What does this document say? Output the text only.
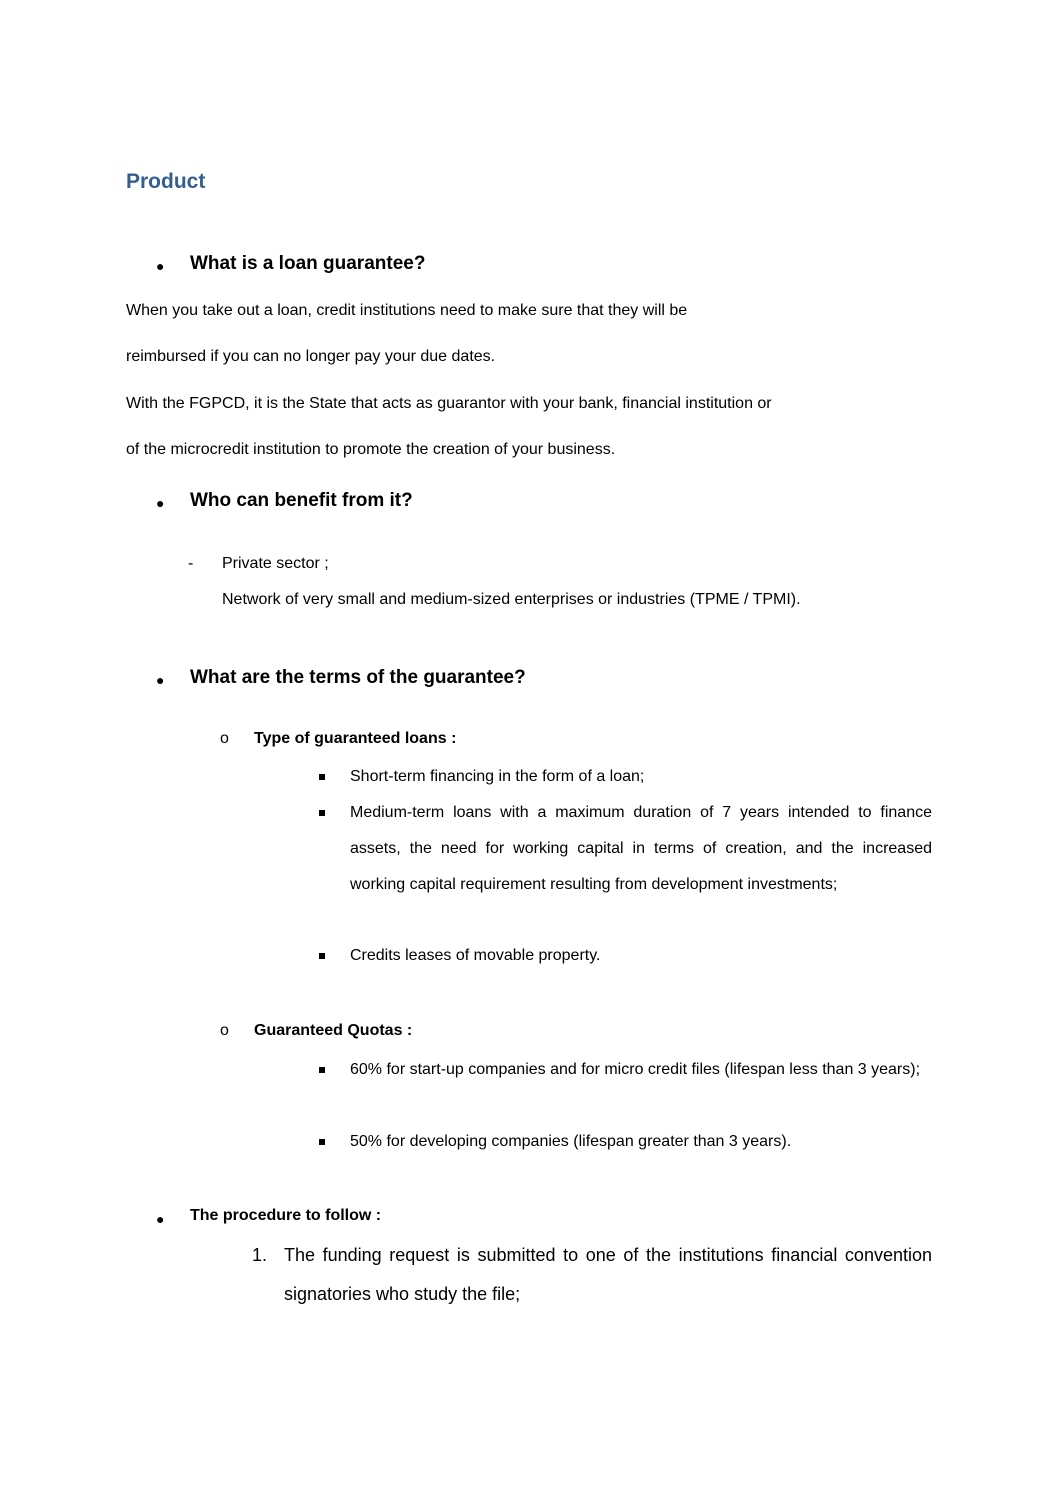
Product
● What is a loan guarantee?
When you take out a loan, credit institutions need to make sure that they will be
reimbursed if you can no longer pay your due dates.
With the FGPCD, it is the State that acts as guarantor with your bank, financial institution or
of the microcredit institution to promote the creation of your business.
● Who can benefit from it?
- Private sector ;
Network of very small and medium-sized enterprises or industries (TPME / TPMI).
● What are the terms of the guarantee?
o Type of guaranteed loans :
Short-term financing in the form of a loan;
Medium-term loans with a maximum duration of 7 years intended to finance assets, the need for working capital in terms of creation, and the increased working capital requirement resulting from development investments;
Credits leases of movable property.
o Guaranteed Quotas :
60% for start-up companies and for micro credit files (lifespan less than 3 years);
50% for developing companies (lifespan greater than 3 years).
● The procedure to follow :
1. The funding request is submitted to one of the institutions financial convention signatories who study the file;
